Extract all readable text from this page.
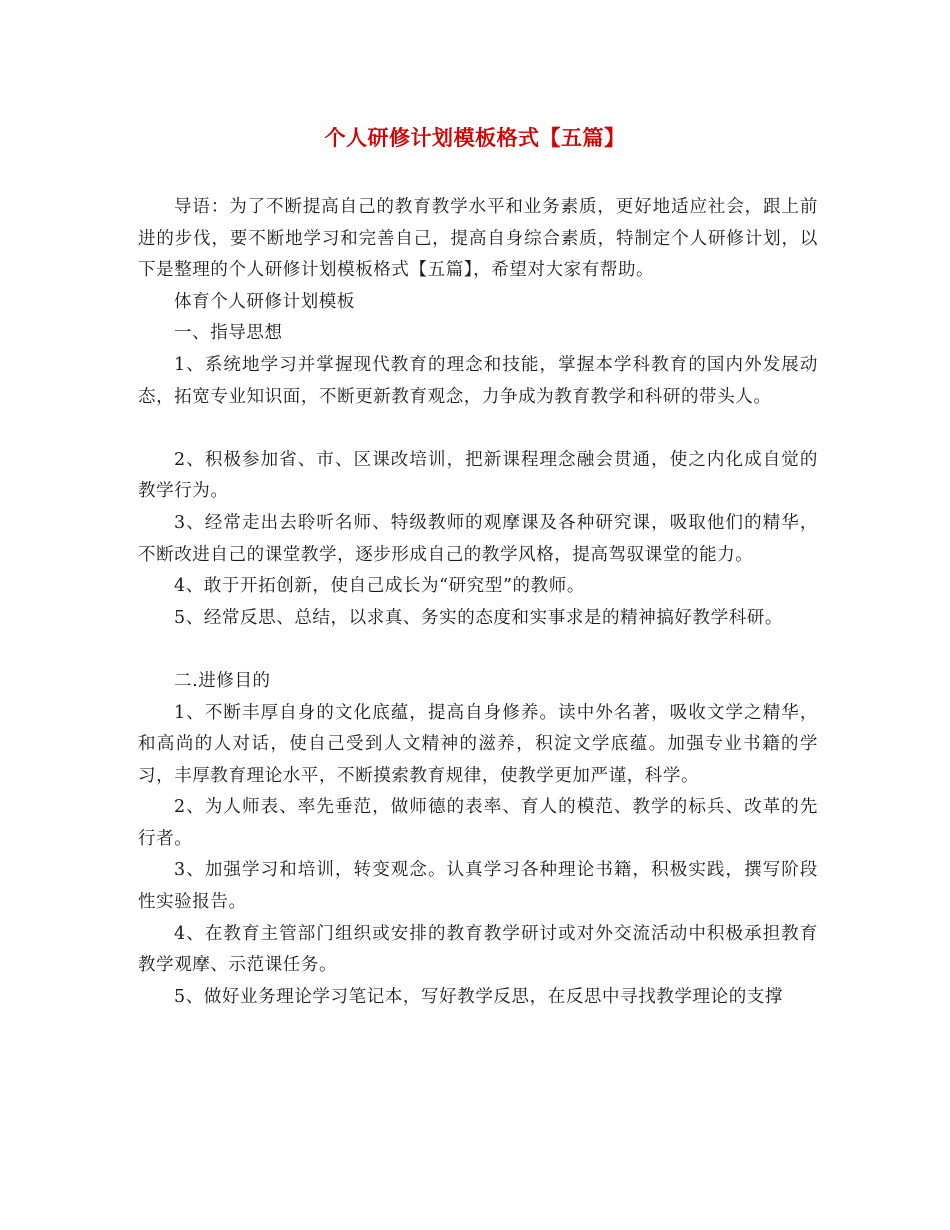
个人研修计划模板格式【五篇】

导语：为了不断提高自己的教育教学水平和业务素质，更好地适应社会，跟上前进的步伐，要不断地学习和完善自己，提高自身综合素质，特制定个人研修计划，以下是整理的个人研修计划模板格式【五篇】，希望对大家有帮助。

体育个人研修计划模板

一、指导思想

1、系统地学习并掌握现代教育的理念和技能，掌握本学科教育的国内外发展动态，拓宽专业知识面，不断更新教育观念，力争成为教育教学和科研的带头人。

2、积极参加省、市、区课改培训，把新课程理念融会贯通，使之内化成自觉的教学行为。

3、经常走出去聆听名师、特级教师的观摩课及各种研究课，吸取他们的精华，不断改进自己的课堂教学，逐步形成自己的教学风格，提高驾驭课堂的能力。

4、敢于开拓创新，使自己成长为“研究型”的教师。

5、经常反思、总结，以求真、务实的态度和实事求是的精神搞好教学科研。

二.进修目的

1、不断丰厚自身的文化底蕴，提高自身修养。读中外名著，吸收文学之精华，和高尚的人对话，使自己受到人文精神的滋养，积淀文学底蕴。加强专业书籍的学习，丰厚教育理论水平，不断摸索教育规律，使教学更加严谨，科学。

2、为人师表、率先垂范，做师德的表率、育人的模范、教学的标兵、改革的先行者。

3、加强学习和培训，转变观念。认真学习各种理论书籍，积极实践，撰写阶段性实验报告。

4、在教育主管部门组织或安排的教育教学研讨或对外交流活动中积极承担教育教学观摩、示范课任务。

5、做好业务理论学习笔记本，写好教学反思，在反思中寻找教学理论的支撑
